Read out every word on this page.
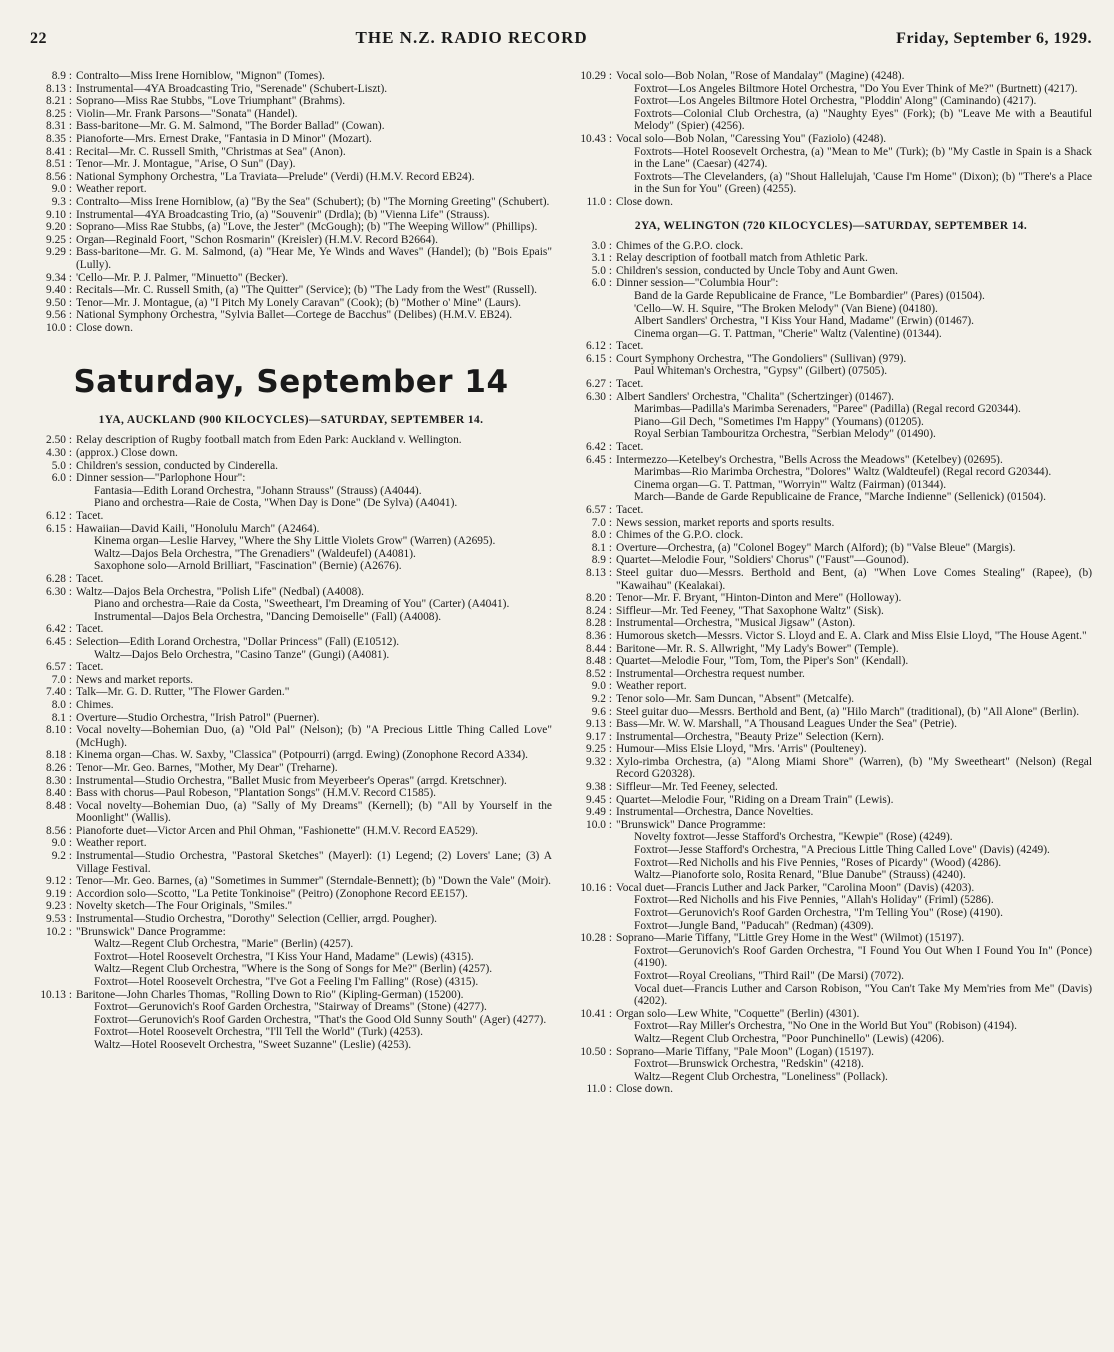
22	THE N.Z. RADIO RECORD	Friday, September 6, 1929.
8.9 : Contralto—Miss Irene Horniblow, "Mignon" (Tomes).
8.13 : Instrumental—4YA Broadcasting Trio, "Serenade" (Schubert-Liszt).
8.21 : Soprano—Miss Rae Stubbs, "Love Triumphant" (Brahms).
8.25 : Violin—Mr. Frank Parsons—"Sonata" (Handel).
8.31 : Bass-baritone—Mr. G. M. Salmond, "The Border Ballad" (Cowan).
8.35 : Pianoforte—Mrs. Ernest Drake, "Fantasia in D Minor" (Mozart).
8.41 : Recital—Mr. C. Russell Smith, "Christmas at Sea" (Anon).
8.51 : Tenor—Mr. J. Montague, "Arise, O Sun" (Day).
8.56 : National Symphony Orchestra, "La Traviata—Prelude" (Verdi) (H.M.V. Record EB24).
9.0 : Weather report.
9.3 : Contralto—Miss Irene Horniblow, (a) "By the Sea" (Schubert); (b) "The Morning Greeting" (Schubert).
9.10 : Instrumental—4YA Broadcasting Trio, (a) "Souvenir" (Drdla); (b) "Vienna Life" (Strauss).
9.20 : Soprano—Miss Rae Stubbs, (a) "Love, the Jester" (McGough); (b) "The Weeping Willow" (Phillips).
9.25 : Organ—Reginald Foort, "Schon Rosmarin" (Kreisler) (H.M.V. Record B2664).
9.29 : Bass-baritone—Mr. G. M. Salmond, (a) "Hear Me, Ye Winds and Waves" (Handel); (b) "Bois Epais" (Lully).
9.34 : 'Cello—Mr. P. J. Palmer, "Minuetto" (Becker).
9.40 : Recitals—Mr. C. Russell Smith, (a) "The Quitter" (Service); (b) "The Lady from the West" (Russell).
9.50 : Tenor—Mr. J. Montague, (a) "I Pitch My Lonely Caravan" (Cook); (b) "Mother o' Mine" (Laurs).
9.56 : National Symphony Orchestra, "Sylvia Ballet—Cortege de Bacchus" (Delibes) (H.M.V. EB24).
10.0 : Close down.
Saturday, September 14
1YA, AUCKLAND (900 KILOCYCLES)—SATURDAY, SEPTEMBER 14.
2.50 : Relay description of Rugby football match from Eden Park: Auckland v. Wellington.
4.30 : (approx.) Close down.
5.0 : Children's session, conducted by Cinderella.
6.0 : Dinner session—"Parlophone Hour":
Fantasia—Edith Lorand Orchestra, "Johann Strauss" (Strauss) (A4044).
Piano and orchestra—Raie de Costa, "When Day is Done" (De Sylva) (A4041).
6.12 : Tacet.
6.15 : Hawaiian—David Kaili, "Honolulu March" (A2464).
Kinema organ—Leslie Harvey, "Where the Shy Little Violets Grow" (Warren) (A2695).
Waltz—Dajos Bela Orchestra, "The Grenadiers" (Waldeufel) (A4081).
Saxophone solo—Arnold Brilliart, "Fascination" (Bernie) (A2676).
6.28 : Tacet.
6.30 : Waltz—Dajos Bela Orchestra, "Polish Life" (Nedbal) (A4008).
Piano and orchestra—Raie da Costa, "Sweetheart, I'm Dreaming of You" (Carter) (A4041).
Instrumental—Dajos Bela Orchestra, "Dancing Demoiselle" (Fall) (A4008).
6.42 : Tacet.
6.45 : Selection—Edith Lorand Orchestra, "Dollar Princess" (Fall) (E10512).
Waltz—Dajos Belo Orchestra, "Casino Tanze" (Gungi) (A4081).
6.57 : Tacet.
7.0 : News and market reports.
7.40 : Talk—Mr. G. D. Rutter, "The Flower Garden."
8.0 : Chimes.
8.1 : Overture—Studio Orchestra, "Irish Patrol" (Puerner).
8.10 : Vocal novelty—Bohemian Duo, (a) "Old Pal" (Nelson); (b) "A Precious Little Thing Called Love" (McHugh).
8.18 : Kinema organ—Chas. W. Saxby, "Classica" (Potpourri) (arrgd. Ewing) (Zonophone Record A334).
8.26 : Tenor—Mr. Geo. Barnes, "Mother, My Dear" (Treharne).
8.30 : Instrumental—Studio Orchestra, "Ballet Music from Meyerbeer's Operas" (arrgd. Kretschner).
8.40 : Bass with chorus—Paul Robeson, "Plantation Songs" (H.M.V. Record C1585).
8.48 : Vocal novelty—Bohemian Duo, (a) "Sally of My Dreams" (Kernell); (b) "All by Yourself in the Moonlight" (Wallis).
8.56 : Pianoforte duet—Victor Arcen and Phil Ohman, "Fashionette" (H.M.V. Record EA529).
9.0 : Weather report.
9.2 : Instrumental—Studio Orchestra, "Pastoral Sketches" (Mayerl): (1) Legend; (2) Lovers' Lane; (3) A Village Festival.
9.12 : Tenor—Mr. Geo. Barnes, (a) "Sometimes in Summer" (Sterndale-Bennett); (b) "Down the Vale" (Moir).
9.19 : Accordion solo—Scotto, "La Petite Tonkinoise" (Peitro) (Zonophone Record EE157).
9.23 : Novelty sketch—The Four Originals, "Smiles."
9.53 : Instrumental—Studio Orchestra, "Dorothy" Selection (Cellier, arrgd. Pougher).
10.2 : "Brunswick" Dance Programme:
Waltz—Regent Club Orchestra, "Marie" (Berlin) (4257).
Foxtrot—Hotel Roosevelt Orchestra, "I Kiss Your Hand, Madame" (Lewis) (4315).
Waltz—Regent Club Orchestra, "Where is the Song of Songs for Me?" (Berlin) (4257).
Foxtrot—Hotel Roosevelt Orchestra, "I've Got a Feeling I'm Falling" (Rose) (4315).
10.13 : Baritone—John Charles Thomas, "Rolling Down to Rio" (Kipling-German) (15200).
Foxtrot—Gerunovich's Roof Garden Orchestra, "Stairway of Dreams" (Stone) (4277).
Foxtrot—Gerunovich's Roof Garden Orchestra, "That's the Good Old Sunny South" (Ager) (4277).
Foxtrot—Hotel Roosevelt Orchestra, "I'll Tell the World" (Turk) (4253).
Waltz—Hotel Roosevelt Orchestra, "Sweet Suzanne" (Leslie) (4253).
10.29 : Vocal solo—Bob Nolan, "Rose of Mandalay" (Magine) (4248).
Foxtrot—Los Angeles Biltmore Hotel Orchestra, "Do You Ever Think of Me?" (Burtnett) (4217).
Foxtrot—Los Angeles Biltmore Hotel Orchestra, "Ploddin' Along" (Caminando) (4217).
Foxtrots—Colonial Club Orchestra, (a) "Naughty Eyes" (Fork); (b) "Leave Me with a Beautiful Melody" (Spier) (4256).
10.43 : Vocal solo—Bob Nolan, "Caressing You" (Faziolo) (4248).
Foxtrots—Hotel Roosevelt Orchestra, (a) "Mean to Me" (Turk); (b) "My Castle in Spain is a Shack in the Lane" (Caesar) (4274).
Foxtrots—The Clevelanders, (a) "Shout Hallelujah, 'Cause I'm Home" (Dixon); (b) "There's a Place in the Sun for You" (Green) (4255).
11.0 : Close down.
2YA, WELINGTON (720 KILOCYCLES)—SATURDAY, SEPTEMBER 14.
3.0 : Chimes of the G.P.O. clock.
3.1 : Relay description of football match from Athletic Park.
5.0 : Children's session, conducted by Uncle Toby and Aunt Gwen.
6.0 : Dinner session—"Columbia Hour":
Band de la Garde Republicaine de France, "Le Bombardier" (Pares) (01504).
'Cello—W. H. Squire, "The Broken Melody" (Van Biene) (04180).
Albert Sandlers' Orchestra, "I Kiss Your Hand, Madame" (Erwin) (01467).
Cinema organ—G. T. Pattman, "Cherie" Waltz (Valentine) (01344).
6.12 : Tacet.
6.15 : Court Symphony Orchestra, "The Gondoliers" (Sullivan) (979).
Paul Whiteman's Orchestra, "Gypsy" (Gilbert) (07505).
6.27 : Tacet.
6.30 : Albert Sandlers' Orchestra, "Chalita" (Schertzinger) (01467).
Marimbas—Padilla's Marimba Serenaders, "Paree" (Padilla) (Regal record G20344).
Piano—Gil Dech, "Sometimes I'm Happy" (Youmans) (01205).
Royal Serbian Tambouritza Orchestra, "Serbian Melody" (01490).
6.42 : Tacet.
6.45 : Intermezzo—Ketelbey's Orchestra, "Bells Across the Meadows" (Ketelbey) (02695).
Marimbas—Rio Marimba Orchestra, "Dolores" Waltz (Waldteufel) (Regal record G20344).
Cinema organ—G. T. Pattman, "Worryin'" Waltz (Fairman) (01344).
March—Bande de Garde Republicaine de France, "Marche Indienne" (Sellenick) (01504).
6.57 : Tacet.
7.0 : News session, market reports and sports results.
8.0 : Chimes of the G.P.O. clock.
8.1 : Overture—Orchestra, (a) "Colonel Bogey" March (Alford); (b) "Valse Bleue" (Margis).
8.9 : Quartet—Melodie Four, "Soldiers' Chorus" ("Faust"—Gounod).
8.13 : Steel guitar duo—Messrs. Berthold and Bent, (a) "When Love Comes Stealing" (Rapee), (b) "Kawaihau" (Kealakai).
8.20 : Tenor—Mr. F. Bryant, "Hinton-Dinton and Mere" (Holloway).
8.24 : Siffleur—Mr. Ted Feeney, "That Saxophone Waltz" (Sisk).
8.28 : Instrumental—Orchestra, "Musical Jigsaw" (Aston).
8.36 : Humorous sketch—Messrs. Victor S. Lloyd and E. A. Clark and Miss Elsie Lloyd, "The House Agent."
8.44 : Baritone—Mr. R. S. Allwright, "My Lady's Bower" (Temple).
8.48 : Quartet—Melodie Four, "Tom, Tom, the Piper's Son" (Kendall).
8.52 : Instrumental—Orchestra request number.
9.0 : Weather report.
9.2 : Tenor solo—Mr. Sam Duncan, "Absent" (Metcalfe).
9.6 : Steel guitar duo—Messrs. Berthold and Bent, (a) "Hilo March" (traditional), (b) "All Alone" (Berlin).
9.13 : Bass—Mr. W. W. Marshall, "A Thousand Leagues Under the Sea" (Petrie).
9.17 : Instrumental—Orchestra, "Beauty Prize" Selection (Kern).
9.25 : Humour—Miss Elsie Lloyd, "Mrs. 'Arris" (Poulteney).
9.32 : Xylo-rimba Orchestra, (a) "Along Miami Shore" (Warren), (b) "My Sweetheart" (Nelson) (Regal Record G20328).
9.38 : Siffleur—Mr. Ted Feeney, selected.
9.45 : Quartet—Melodie Four, "Riding on a Dream Train" (Lewis).
9.49 : Instrumental—Orchestra, Dance Novelties.
10.0 : "Brunswick" Dance Programme:
Novelty foxtrot—Jesse Stafford's Orchestra, "Kewpie" (Rose) (4249).
Foxtrot—Jesse Stafford's Orchestra, "A Precious Little Thing Called Love" (Davis) (4249).
Foxtrot—Red Nicholls and his Five Pennies, "Roses of Picardy" (Wood) (4286).
Waltz—Pianoforte solo, Rosita Renard, "Blue Danube" (Strauss) (4240).
10.16 : Vocal duet—Francis Luther and Jack Parker, "Carolina Moon" (Davis) (4203).
Foxtrot—Red Nicholls and his Five Pennies, "Allah's Holiday" (Friml) (5286).
Foxtrot—Gerunovich's Roof Garden Orchestra, "I'm Telling You" (Rose) (4190).
Foxtrot—Jungle Band, "Paducah" (Redman) (4309).
10.28 : Soprano—Marie Tiffany, "Little Grey Home in the West" (Wilmot) (15197).
Foxtrot—Gerunovich's Roof Garden Orchestra, "I Found You Out When I Found You In" (Ponce) (4190).
Foxtrot—Royal Creolians, "Third Rail" (De Marsi) (7072).
Vocal duet—Francis Luther and Carson Robison, "You Can't Take My Mem'ries from Me" (Davis) (4202).
10.41 : Organ solo—Lew White, "Coquette" (Berlin) (4301).
Foxtrot—Ray Miller's Orchestra, "No One in the World But You" (Robison) (4194).
Waltz—Regent Club Orchestra, "Poor Punchinello" (Lewis) (4206).
10.50 : Soprano—Marie Tiffany, "Pale Moon" (Logan) (15197).
Foxtrot—Brunswick Orchestra, "Redskin" (4218).
Waltz—Regent Club Orchestra, "Loneliness" (Pollack).
11.0 : Close down.
